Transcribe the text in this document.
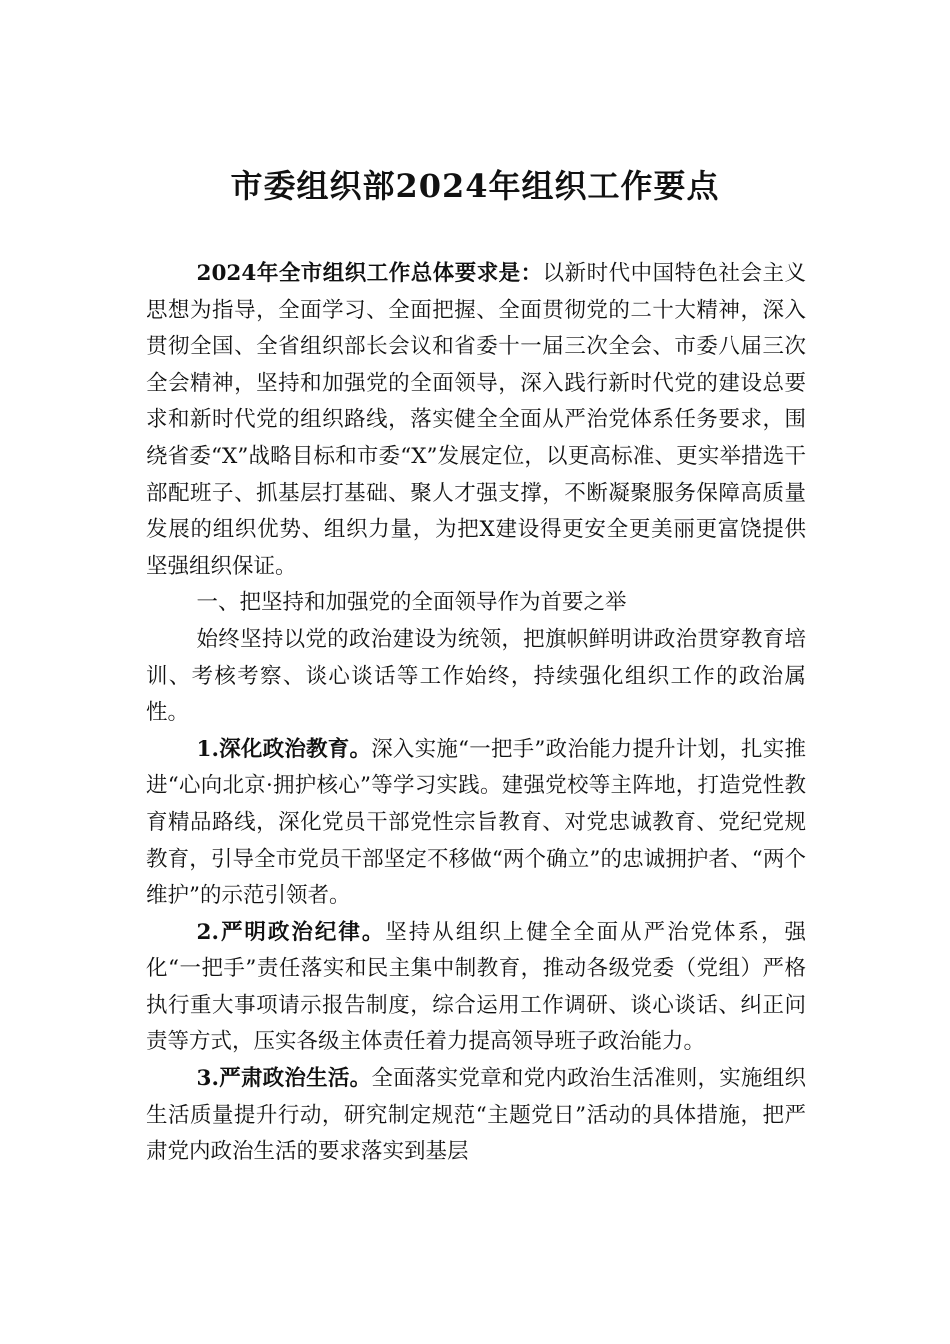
市委组织部2024年组织工作要点

2024年全市组织工作总体要求是：以新时代中国特色社会主义思想为指导，全面学习、全面把握、全面贯彻党的二十大精神，深入贯彻全国、全省组织部长会议和省委十一届三次全会、市委八届三次全会精神，坚持和加强党的全面领导，深入践行新时代党的建设总要求和新时代党的组织路线，落实健全全面从严治党体系任务要求，围绕省委“X”战略目标和市委“X”发展定位，以更高标准、更实举措选干部配班子、抓基层打基础、聚人才强支撑，不断凝聚服务保障高质量发展的组织优势、组织力量，为把X建设得更安全更美丽更富饶提供坚强组织保证。

一、把坚持和加强党的全面领导作为首要之举

始终坚持以党的政治建设为统领，把旗帜鲜明讲政治贯穿教育培训、考核考察、谈心谈话等工作始终，持续强化组织工作的政治属性。

1.深化政治教育。深入实施“一把手”政治能力提升计划，扎实推进“心向北京·拥护核心”等学习实践。建强党校等主阵地，打造党性教育精品路线，深化党员干部党性宗旨教育、对党忠诚教育、党纪党规教育，引导全市党员干部坚定不移做“两个确立”的忠诚拥护者、“两个维护”的示范引领者。

2.严明政治纪律。坚持从组织上健全全面从严治党体系，强化“一把手”责任落实和民主集中制教育，推动各级党委（党组）严格执行重大事项请示报告制度，综合运用工作调研、谈心谈话、纠正问责等方式，压实各级主体责任着力提高领导班子政治能力。

3.严肃政治生活。全面落实党章和党内政治生活准则，实施组织生活质量提升行动，研究制定规范“主题党日”活动的具体措施，把严肃党内政治生活的要求落实到基层
